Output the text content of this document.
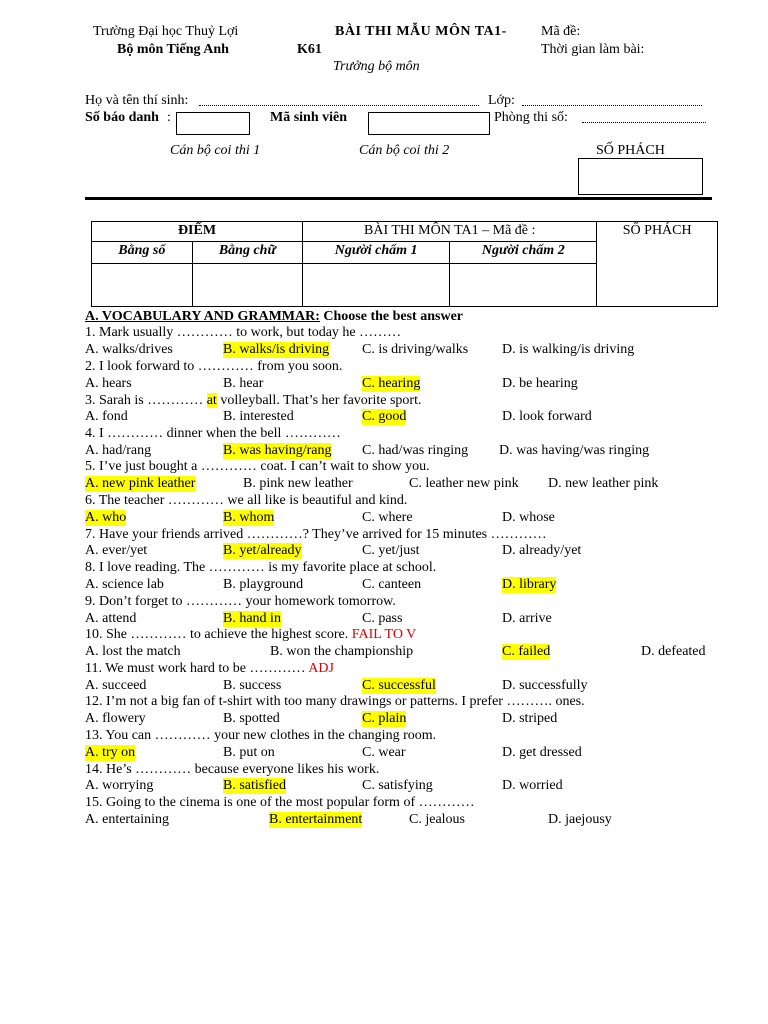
Trường Đại học Thuỷ Lợi	BÀI THI MẪU MÔN TA1- Mã đề:
Bộ môn Tiếng Anh	K61	Thời gian làm bài:
Trưởng bộ môn
Họ và tên thí sinh:	Lớp:
Số báo danh :	Mã sinh viên	Phòng thi số:
Cán bộ coi thi 1	Cán bộ coi thi 2	SỐ PHÁCH
ĐIỂM		BÀI THI MÔN TA1 – Mã đề :		SỐ PHÁCH
Bằng số	Bằng chữ	Người chấm 1	Người chấm 2	

A. VOCABULARY AND GRAMMAR: Choose the best answer
1. Mark usually ………… to work, but today he ………
A. walks/drives	B. walks/is driving C. is driving/walks D. is walking/is driving
2. I look forward to ………… from you soon.
A. hears	B. hear	C. hearing	D. be hearing
3. Sarah is ………… at volleyball. That’s her favorite sport.
A. fond	B. interested	C. good	D. look forward
4. I ………… dinner when the bell …………
A. had/rang	B. was having/rang C. had/was ringing D. was having/was ringing
5. I’ve just bought a ………… coat. I can’t wait to show you.
A. new pink leather	B. pink new leather	C. leather new pink D. new leather pink
6. The teacher ………… we all like is beautiful and kind.
A. who	B. whom	C. where	D. whose
7. Have your friends arrived …………? They’ve arrived for 15 minutes …………
A. ever/yet	B. yet/already	C. yet/just	D. already/yet
8. I love reading. The ………… is my favorite place at school.
A. science lab	B. playground	C. canteen	D. library
9. Don’t forget to ………… your homework tomorrow.
A. attend	B. hand in	C. pass	D. arrive
10. She ………… to achieve the highest score. FAIL TO V
A. lost the match	B. won the championship	C. failed	D. defeated
11. We must work hard to be ………… ADJ
A. succeed	B. success	C. successful	D. successfully
12. I’m not a big fan of t-shirt with too many drawings or patterns. I prefer ………. ones.
A. flowery	B. spotted	C. plain	D. striped
13. You can ………… your new clothes in the changing room.
A. try on	B. put on	C. wear	D. get dressed
14. He’s ………… because everyone likes his work.
A. worrying	B. satisfied	C. satisfying	D. worried
15. Going to the cinema is one of the most popular form of …………
A. entertaining	B. entertainment	C. jealous	D. jaejousy
